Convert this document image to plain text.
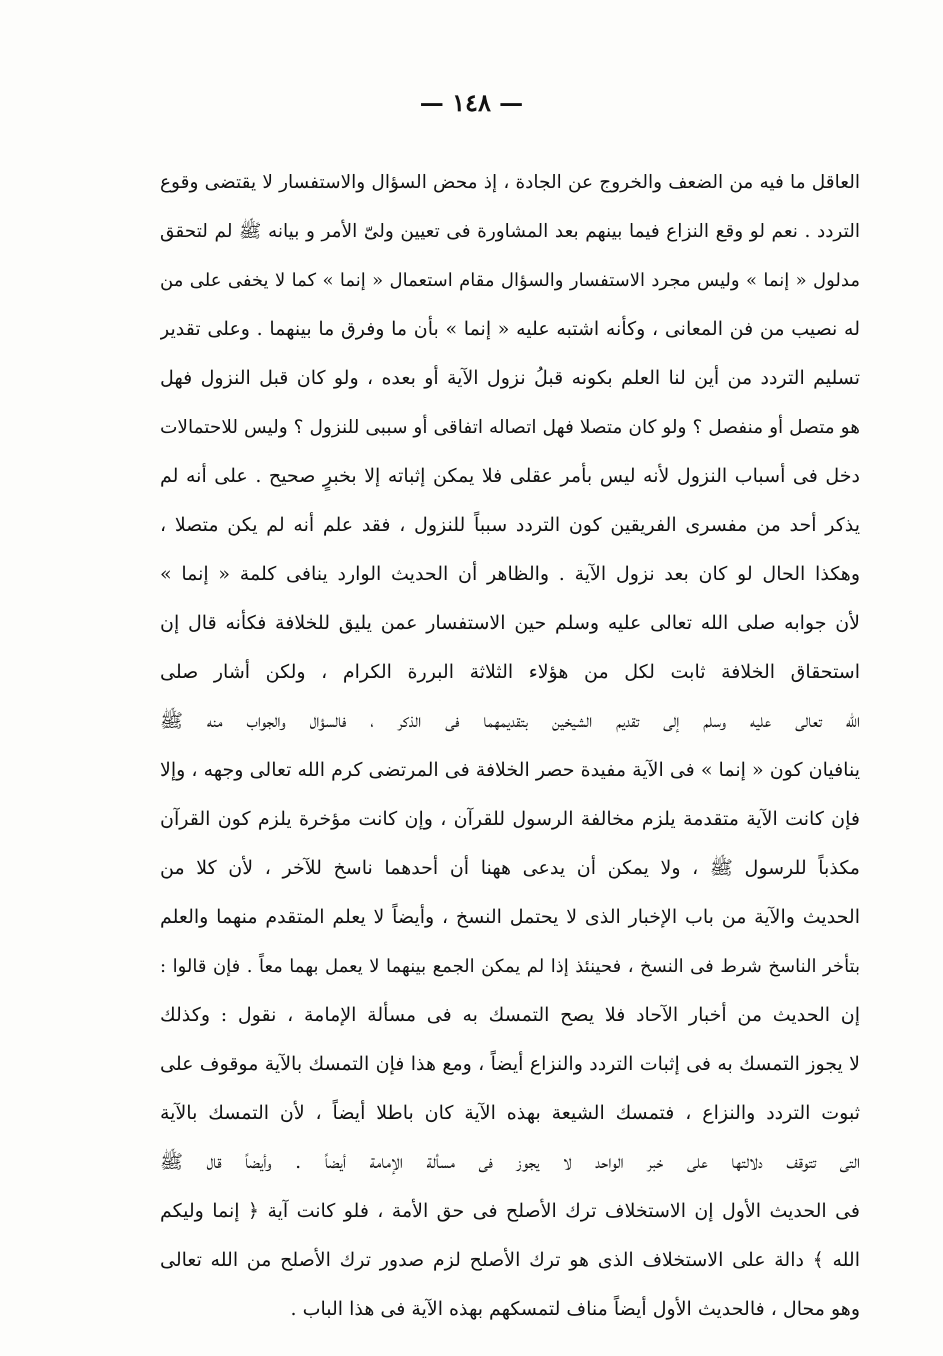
— ١٤٨ —
العاقل ما فيه من الضعف والخروج عن الجادة ، إذ محض السؤال والاستفسار لا يقتضى وقوع
التردد . نعم لو وقع النزاع فيما بينهم بعد المشاورة فى تعيين ولىّ الأمر و بيانه ﷺ لم لتحقق
مدلول « إنما » وليس مجرد الاستفسار والسؤال مقام استعمال « إنما » كما لا يخفى على من
له نصيب من فن المعانى ، وكأنه اشتبه عليه « إنما » بأن ما وفرق ما بينهما . وعلى تقدير
تسليم التردد من أين لنا العلم بكونه قبلُ نزول الآية أو بعده ، ولو كان قبل النزول فهل
هو متصل أو منفصل ؟ ولو كان متصلا فهل اتصاله اتفاقى أو سببى للنزول ؟ وليس للاحتمالات
دخل فى أسباب النزول لأنه ليس بأمر عقلى فلا يمكن إثباته إلا بخبرٍ صحيح . على أنه لم
يذكر أحد من مفسرى الفريقين كون التردد سبباً للنزول ، فقد علم أنه لم يكن متصلا ،
وهكذا الحال لو كان بعد نزول الآية . والظاهر أن الحديث الوارد ينافى كلمة « إنما »
لأن جوابه صلى الله تعالى عليه وسلم حين الاستفسار عمن يليق للخلافة فكأنه قال إن
استحقاق الخلافة ثابت لكل من هؤلاء الثلاثة البررة الكرام ، ولكن أشار صلى
الله تعالى عليه وسلم إلى تقديم الشيخين بتقديمهما فى الذكر ، فالسؤال والجواب منه ﷺ
ينافيان كون « إنما » فى الآية مفيدة حصر الخلافة فى المرتضى كرم الله تعالى وجهه ، وإلا
فإن كانت الآية متقدمة يلزم مخالفة الرسول للقرآن ، وإن كانت مؤخرة يلزم كون القرآن
مكذباً للرسول ﷺ ، ولا يمكن أن يدعى ههنا أن أحدهما ناسخ للآخر ، لأن كلا من
الحديث والآية من باب الإخبار الذى لا يحتمل النسخ ، وأيضاً لا يعلم المتقدم منهما والعلم
بتأخر الناسخ شرط فى النسخ ، فحينئذ إذا لم يمكن الجمع بينهما لا يعمل بهما معاً . فإن قالوا :
إن الحديث من أخبار الآحاد فلا يصح التمسك به فى مسألة الإمامة ، نقول : وكذلك
لا يجوز التمسك به فى إثبات التردد والنزاع أيضاً ، ومع هذا فإن التمسك بالآية موقوف على
ثبوت التردد والنزاع ، فتمسك الشيعة بهذه الآية كان باطلا أيضاً ، لأن التمسك بالآية
التى تتوقف دلالتها على خبر الواحد لا يجوز فى مسألة الإمامة أيضاً . وأيضاً قال ﷺ
فى الحديث الأول إن الاستخلاف ترك الأصلح فى حق الأمة ، فلو كانت آية ﴿ إنما وليكم
الله ﴾ دالة على الاستخلاف الذى هو ترك الأصلح لزم صدور ترك الأصلح من الله تعالى
وهو محال ، فالحديث الأول أيضاً مناف لتمسكهم بهذه الآية فى هذا الباب .
